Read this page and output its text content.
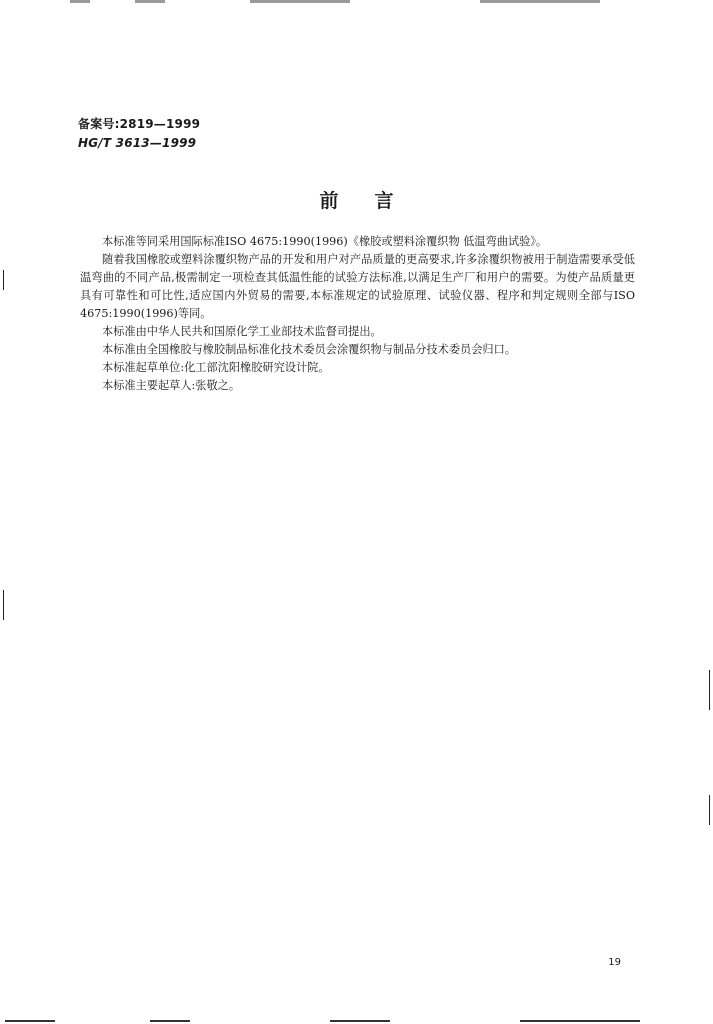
备案号:2819—1999
HG/T 3613—1999
前 言

本标准等同采用国际标准ISO 4675:1990(1996)《橡胶或塑料涂覆织物 低温弯曲试验》。

随着我国橡胶或塑料涂覆织物产品的开发和用户对产品质量的更高要求,许多涂覆织物被用于制造需要承受低温弯曲的不同产品,极需制定一项检查其低温性能的试验方法标准,以满足生产厂和用户的需要。为使产品质量更具有可靠性和可比性,适应国内外贸易的需要,本标准规定的试验原理、试验仪器、程序和判定规则全部与ISO 4675:1990(1996)等同。

本标准由中华人民共和国原化学工业部技术监督司提出。

本标准由全国橡胶与橡胶制品标准化技术委员会涂覆织物与制品分技术委员会归口。

本标准起草单位:化工部沈阳橡胶研究设计院。

本标准主要起草人:张敬之。

19
